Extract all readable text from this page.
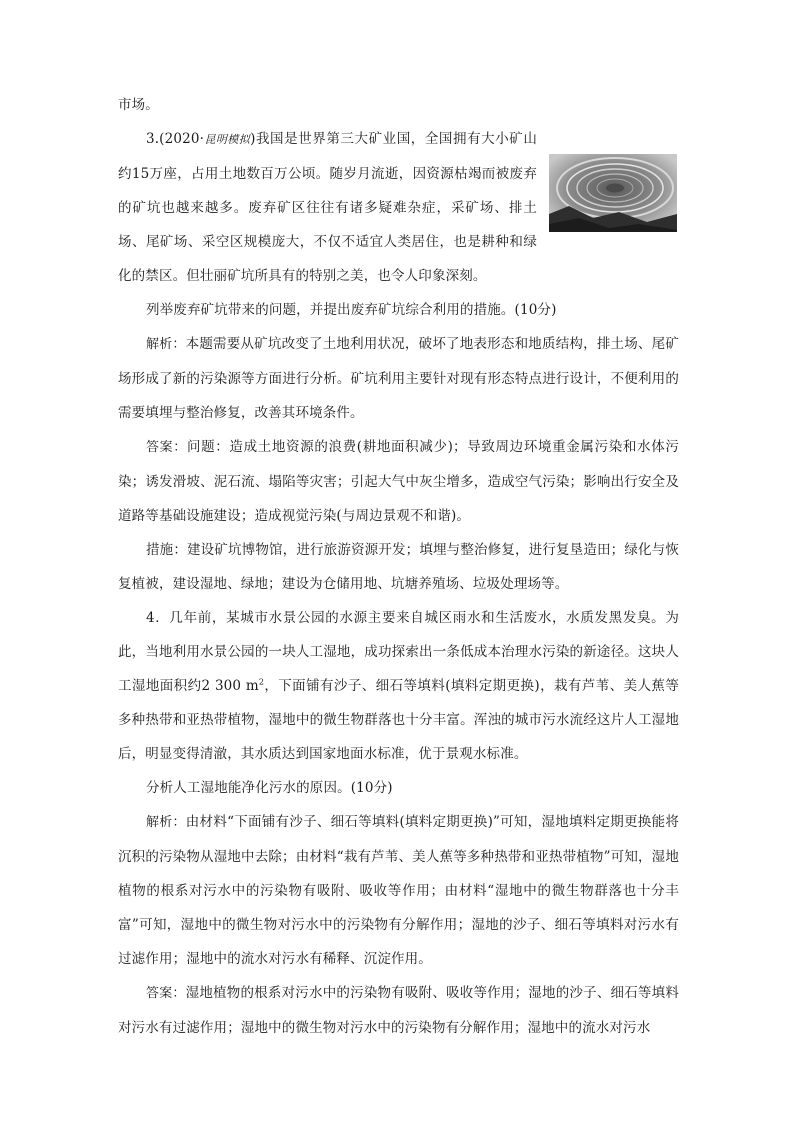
市场。

3.(2020·昆明模拟)我国是世界第三大矿业国，全国拥有大小矿山约15万座，占用土地数百万公顷。随岁月流逝，因资源枯竭而被废弃的矿坑也越来越多。废弃矿区往往有诸多疑难杂症，采矿场、排土场、尾矿场、采空区规模庞大，不仅不适宜人类居住，也是耕种和绿化的禁区。但壮丽矿坑所具有的特别之美，也令人印象深刻。

列举废弃矿坑带来的问题，并提出废弃矿坑综合利用的措施。(10分)

解析：本题需要从矿坑改变了土地利用状况，破坏了地表形态和地质结构，排土场、尾矿场形成了新的污染源等方面进行分析。矿坑利用主要针对现有形态特点进行设计，不便利用的需要填埋与整治修复，改善其环境条件。

答案：问题：造成土地资源的浪费(耕地面积减少)；导致周边环境重金属污染和水体污染；诱发滑坡、泥石流、塌陷等灾害；引起大气中灰尘增多，造成空气污染；影响出行安全及道路等基础设施建设；造成视觉污染(与周边景观不和谐)。

措施：建设矿坑博物馆，进行旅游资源开发；填埋与整治修复，进行复垦造田；绿化与恢复植被，建设湿地、绿地；建设为仓储用地、坑塘养殖场、垃圾处理场等。

4．几年前，某城市水景公园的水源主要来自城区雨水和生活废水，水质发黑发臭。为此，当地利用水景公园的一块人工湿地，成功探索出一条低成本治理水污染的新途径。这块人工湿地面积约2 300 $m^2$，下面铺有沙子、细石等填料(填料定期更换)，栽有芦苇、美人蕉等多种热带和亚热带植物，湿地中的微生物群落也十分丰富。浑浊的城市污水流经这片人工湿地后，明显变得清澈，其水质达到国家地面水标准，优于景观水标准。

分析人工湿地能净化污水的原因。(10分)

解析：由材料“下面铺有沙子、细石等填料(填料定期更换)”可知，湿地填料定期更换能将沉积的污染物从湿地中去除；由材料“栽有芦苇、美人蕉等多种热带和亚热带植物”可知，湿地植物的根系对污水中的污染物有吸附、吸收等作用；由材料“湿地中的微生物群落也十分丰富”可知，湿地中的微生物对污水中的污染物有分解作用；湿地的沙子、细石等填料对污水有过滤作用；湿地中的流水对污水有稀释、沉淀作用。

答案：湿地植物的根系对污水中的污染物有吸附、吸收等作用；湿地的沙子、细石等填料对污水有过滤作用；湿地中的微生物对污水中的污染物有分解作用；湿地中的流水对污水
